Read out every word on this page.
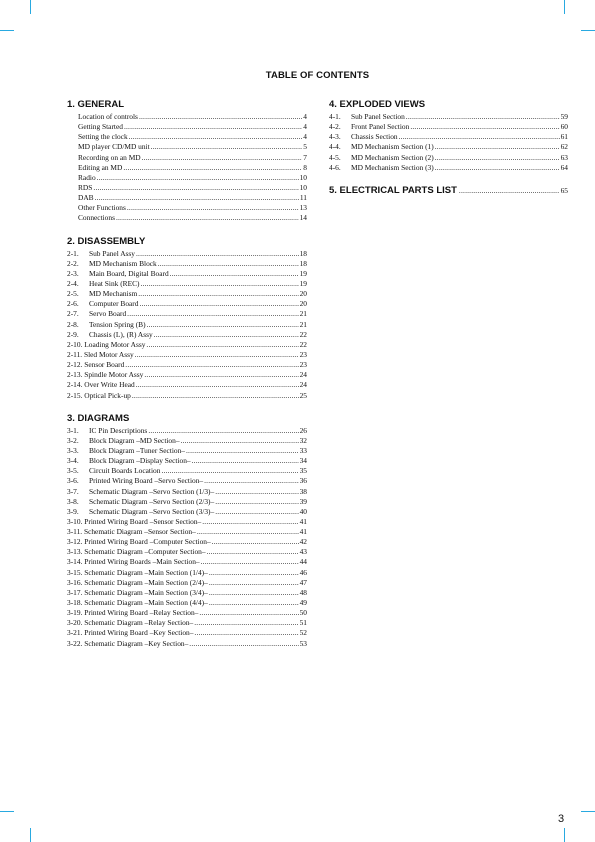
TABLE OF CONTENTS
1. GENERAL
Location of controls .....	4
Getting Started .....	4
Setting the clock .....	4
MD player CD/MD unit .....	5
Recording on an MD .....	7
Editing an MD .....	8
Radio .....	10
RDS .....	10
DAB .....	11
Other Functions .....	13
Connections .....	14
2. DISASSEMBLY
2-1.	Sub Panel Assy .....	18
2-2.	MD Mechanism Block .....	18
2-3.	Main Board, Digital Board .....	19
2-4.	Heat Sink (REC) .....	19
2-5.	MD Mechanism .....	20
2-6.	Computer Board .....	20
2-7.	Servo Board .....	21
2-8.	Tension Spring (B) .....	21
2-9.	Chassis (L), (R) Assy .....	22
2-10. Loading Motor Assy .....	22
2-11. Sled Motor Assy .....	23
2-12. Sensor Board .....	23
2-13. Spindle Motor Assy .....	24
2-14. Over Write Head .....	24
2-15. Optical Pick-up .....	25
3. DIAGRAMS
3-1.	IC Pin Descriptions .....	26
3-2.	Block Diagram –MD Section– .....	32
3-3.	Block Diagram –Tuner Section– .....	33
3-4.	Block Diagram –Display Section– .....	34
3-5.	Circuit Boards Location .....	35
3-6.	Printed Wiring Board –Servo Section– .....	36
3-7.	Schematic Diagram –Servo Section (1/3)– .....	38
3-8.	Schematic Diagram –Servo Section (2/3)– .....	39
3-9.	Schematic Diagram –Servo Section (3/3)– .....	40
3-10. Printed Wiring Board –Sensor Section– .....	41
3-11. Schematic Diagram –Sensor Section– .....	41
3-12. Printed Wiring Board –Computer Section– .....	42
3-13. Schematic Diagram –Computer Section– .....	43
3-14. Printed Wiring Boards –Main Section– .....	44
3-15. Schematic Diagram –Main Section (1/4)– .....	46
3-16. Schematic Diagram –Main Section (2/4)– .....	47
3-17. Schematic Diagram –Main Section (3/4)– .....	48
3-18. Schematic Diagram –Main Section (4/4)– .....	49
3-19. Printed Wiring Board –Relay Section– .....	50
3-20. Schematic Diagram –Relay Section– .....	51
3-21. Printed Wiring Board –Key Section– .....	52
3-22. Schematic Diagram –Key Section– .....	53
4. EXPLODED VIEWS
4-1.	Sub Panel Section .....	59
4-2.	Front Panel Section .....	60
4-3.	Chassis Section .....	61
4-4.	MD Mechanism Section (1) .....	62
4-5.	MD Mechanism Section (2) .....	63
4-6.	MD Mechanism Section (3) .....	64
5. ELECTRICAL PARTS LIST .....	65
3
